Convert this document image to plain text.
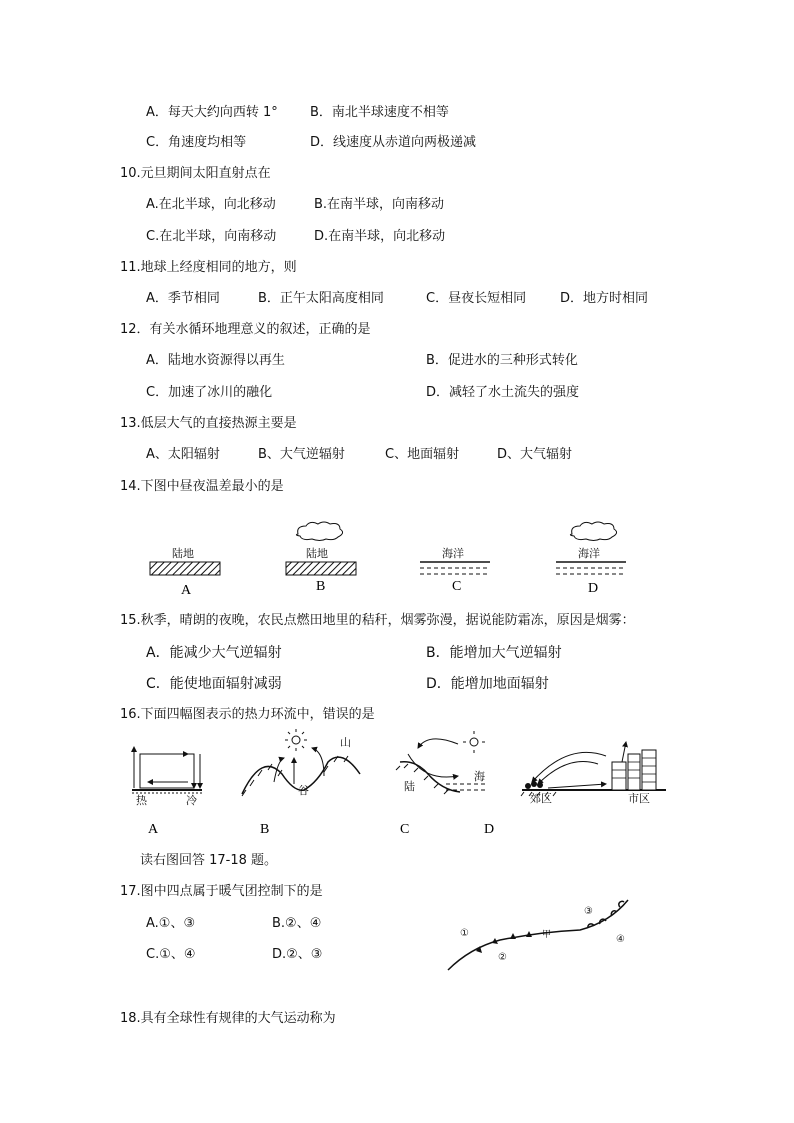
A．每天大约向西转 1° B．南北半球速度不相等
C．角速度均相等	D．线速度从赤道向两极递减
10.元旦期间太阳直射点在
A.在北半球，向北移动	B.在南半球，向南移动
C.在北半球，向南移动	D.在南半球，向北移动
11.地球上经度相同的地方，则
A．季节相同	B．正午太阳高度相同	C．昼夜长短相同	D．地方时相同
12．有关水循环地理意义的叙述，正确的是
A．陆地水资源得以再生	B．促进水的三种形式转化
C．加速了冰川的融化	D．减轻了水土流失的强度
13.低层大气的直接热源主要是
A、太阳辐射	B、大气逆辐射	C、地面辐射	D、大气辐射
14.下图中昼夜温差最小的是
陆地
A
陆地
B
海洋
C
海洋
D
15.秋季，晴朗的夜晚，农民点燃田地里的秸秆，烟雾弥漫，据说能防霜冻，原因是烟雾：
A．能减少大气逆辐射	B．能增加大气逆辐射
C．能使地面辐射减弱	D．能增加地面辐射
16.下面四幅图表示的热力环流中，错误的是
热	冷
A
谷
山
B
陆
海
C
郊区	市区
D
读右图回答 17-18 题。
17.图中四点属于暖气团控制下的是
A.①、③	B.②、④
C.①、④	D.②、③
甲
①
②
③
④
18.具有全球性有规律的大气运动称为
